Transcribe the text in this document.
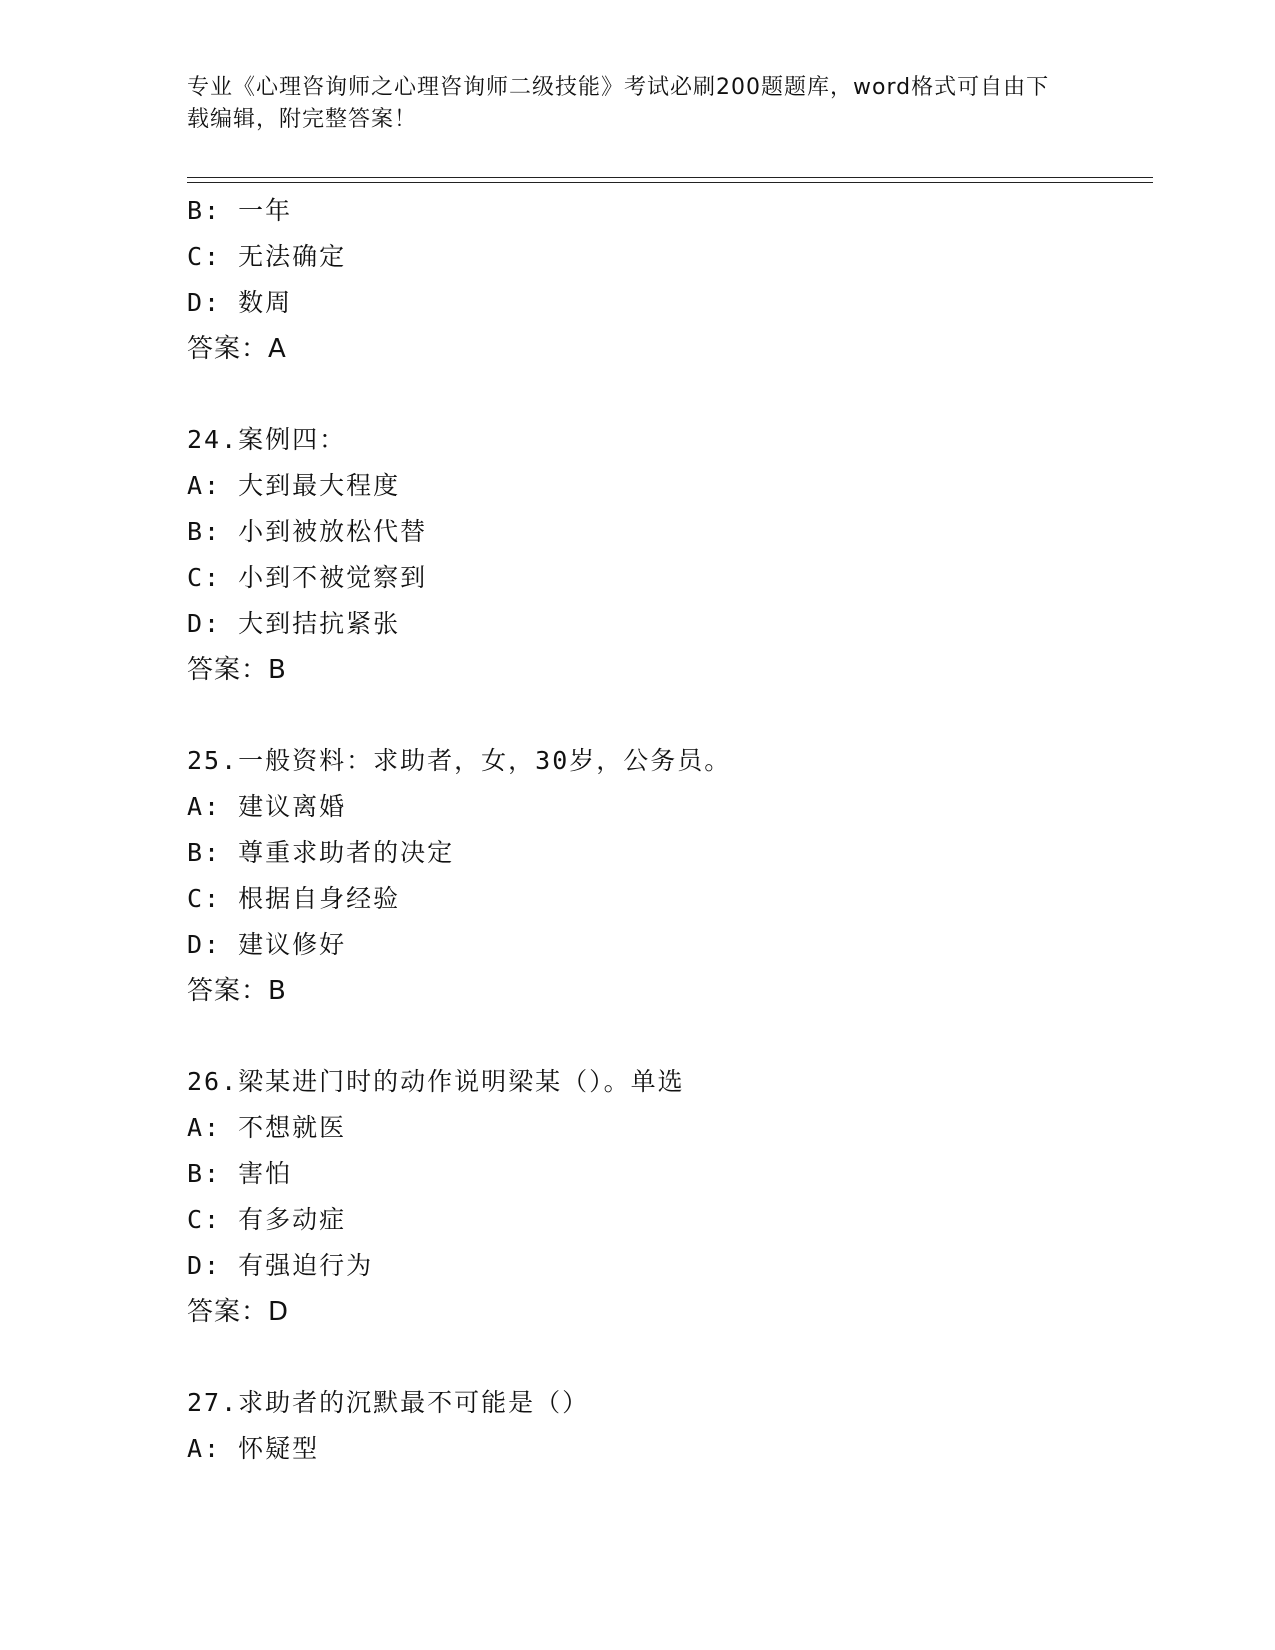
专业《心理咨询师之心理咨询师二级技能》考试必刷200题题库，word格式可自由下载编辑，附完整答案！
B: 一年
C: 无法确定
D: 数周
答案：A
24.案例四：
A: 大到最大程度
B: 小到被放松代替
C: 小到不被觉察到
D: 大到拮抗紧张
答案：B
25.一般资料：求助者，女，30岁，公务员。
A: 建议离婚
B: 尊重求助者的决定
C: 根据自身经验
D: 建议修好
答案：B
26.梁某进门时的动作说明梁某（）。单选
A: 不想就医
B: 害怕
C: 有多动症
D: 有强迫行为
答案：D
27.求助者的沉默最不可能是（）
A: 怀疑型
